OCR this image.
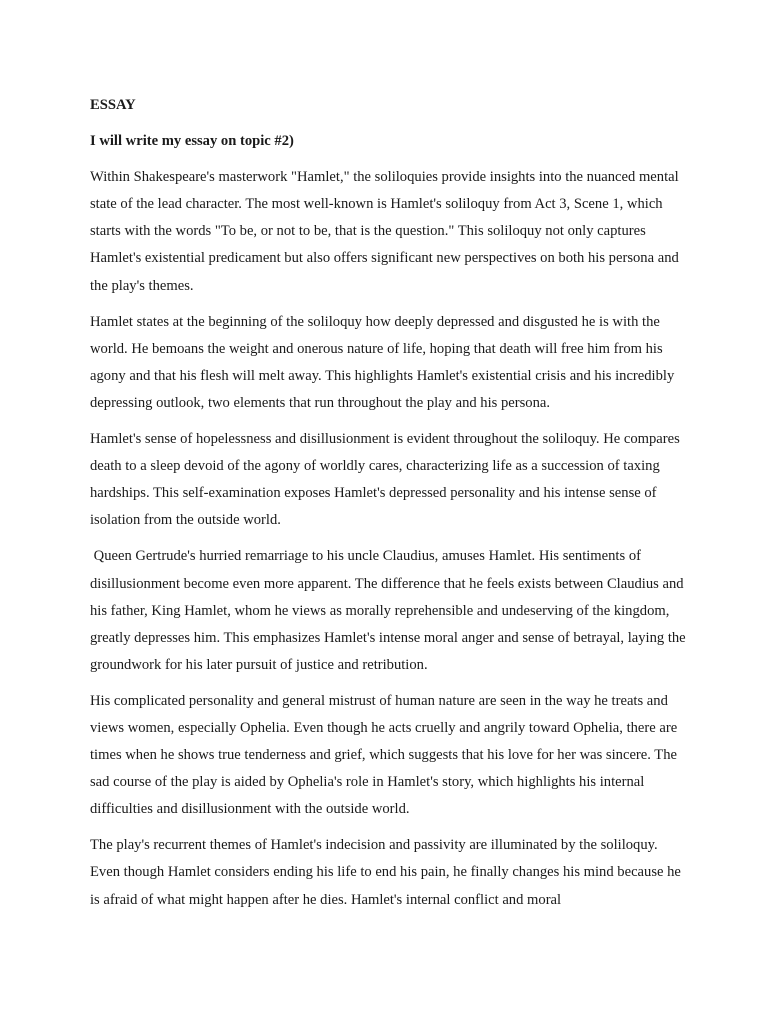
ESSAY
I will write my essay on topic #2)

Within Shakespeare's masterwork "Hamlet," the soliloquies provide insights into the nuanced mental state of the lead character. The most well-known is Hamlet's soliloquy from Act 3, Scene 1, which starts with the words "To be, or not to be, that is the question." This soliloquy not only captures Hamlet's existential predicament but also offers significant new perspectives on both his persona and the play's themes.

Hamlet states at the beginning of the soliloquy how deeply depressed and disgusted he is with the world. He bemoans the weight and onerous nature of life, hoping that death will free him from his agony and that his flesh will melt away. This highlights Hamlet's existential crisis and his incredibly depressing outlook, two elements that run throughout the play and his persona.

Hamlet's sense of hopelessness and disillusionment is evident throughout the soliloquy. He compares death to a sleep devoid of the agony of worldly cares, characterizing life as a succession of taxing hardships. This self-examination exposes Hamlet's depressed personality and his intense sense of isolation from the outside world.

Queen Gertrude's hurried remarriage to his uncle Claudius, amuses Hamlet. His sentiments of disillusionment become even more apparent. The difference that he feels exists between Claudius and his father, King Hamlet, whom he views as morally reprehensible and undeserving of the kingdom, greatly depresses him. This emphasizes Hamlet's intense moral anger and sense of betrayal, laying the groundwork for his later pursuit of justice and retribution.

His complicated personality and general mistrust of human nature are seen in the way he treats and views women, especially Ophelia. Even though he acts cruelly and angrily toward Ophelia, there are times when he shows true tenderness and grief, which suggests that his love for her was sincere. The sad course of the play is aided by Ophelia's role in Hamlet's story, which highlights his internal difficulties and disillusionment with the outside world.

The play's recurrent themes of Hamlet's indecision and passivity are illuminated by the soliloquy. Even though Hamlet considers ending his life to end his pain, he finally changes his mind because he is afraid of what might happen after he dies. Hamlet's internal conflict and moral
